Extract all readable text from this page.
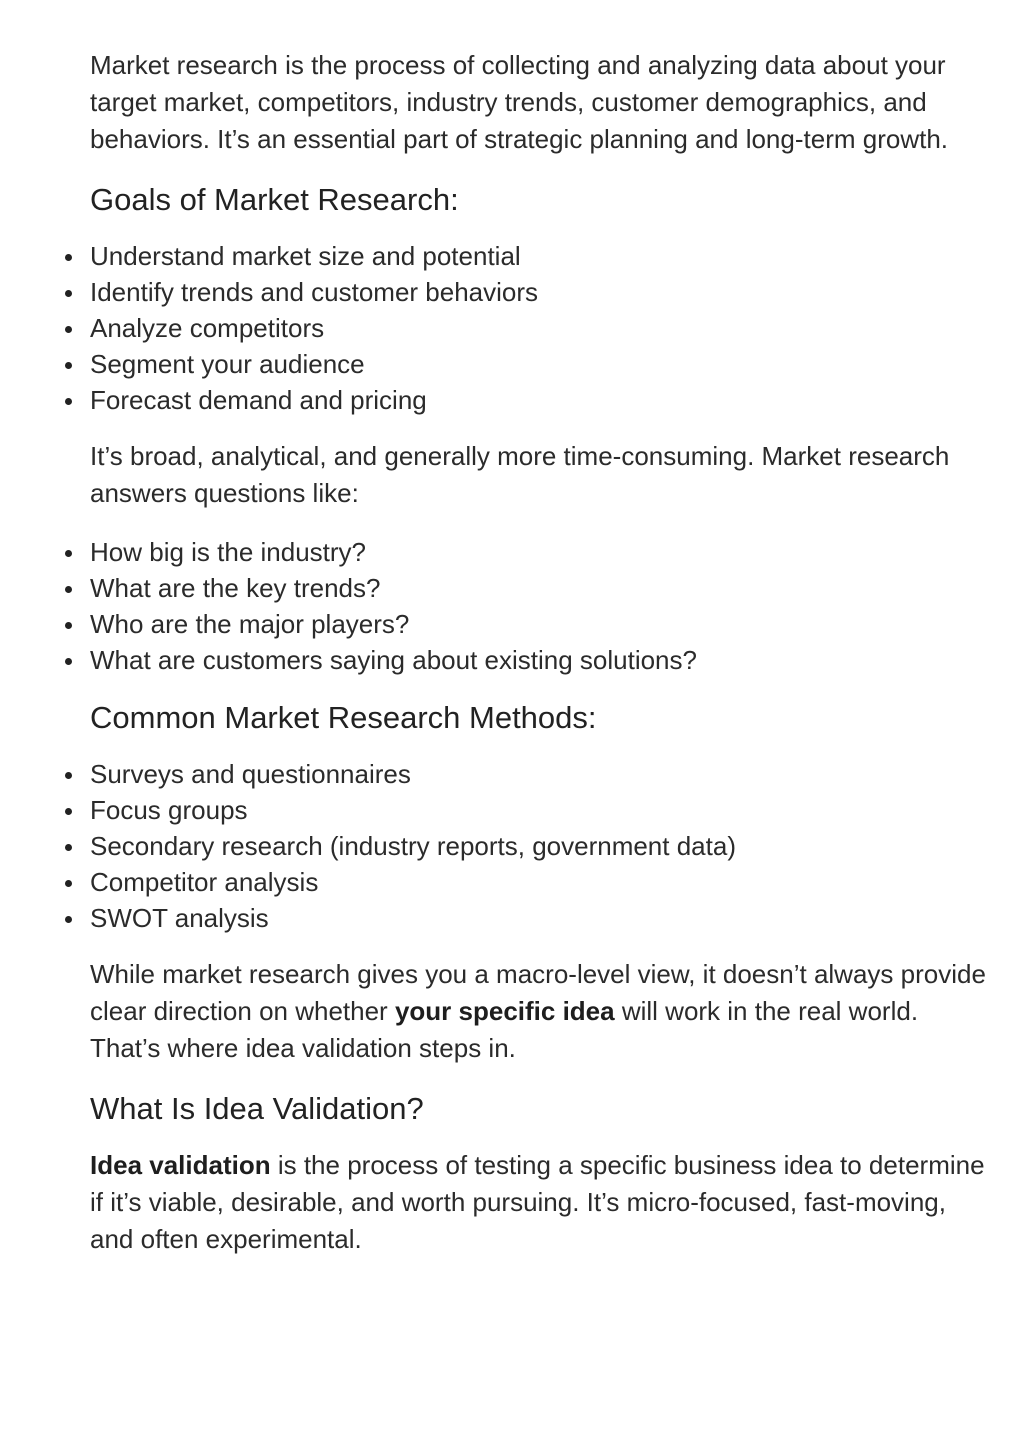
Market research is the process of collecting and analyzing data about your target market, competitors, industry trends, customer demographics, and behaviors. It’s an essential part of strategic planning and long-term growth.

Goals of Market Research:
Understand market size and potential
Identify trends and customer behaviors
Analyze competitors
Segment your audience
Forecast demand and pricing

It’s broad, analytical, and generally more time-consuming. Market research answers questions like:

How big is the industry?
What are the key trends?
Who are the major players?
What are customers saying about existing solutions?
Common Market Research Methods:
Surveys and questionnaires
Focus groups
Secondary research (industry reports, government data)
Competitor analysis
SWOT analysis

While market research gives you a macro-level view, it doesn’t always provide clear direction on whether your specific idea will work in the real world. That’s where idea validation steps in.

What Is Idea Validation?

Idea validation is the process of testing a specific business idea to determine if it’s viable, desirable, and worth pursuing. It’s micro-focused, fast-moving, and often experimental.
